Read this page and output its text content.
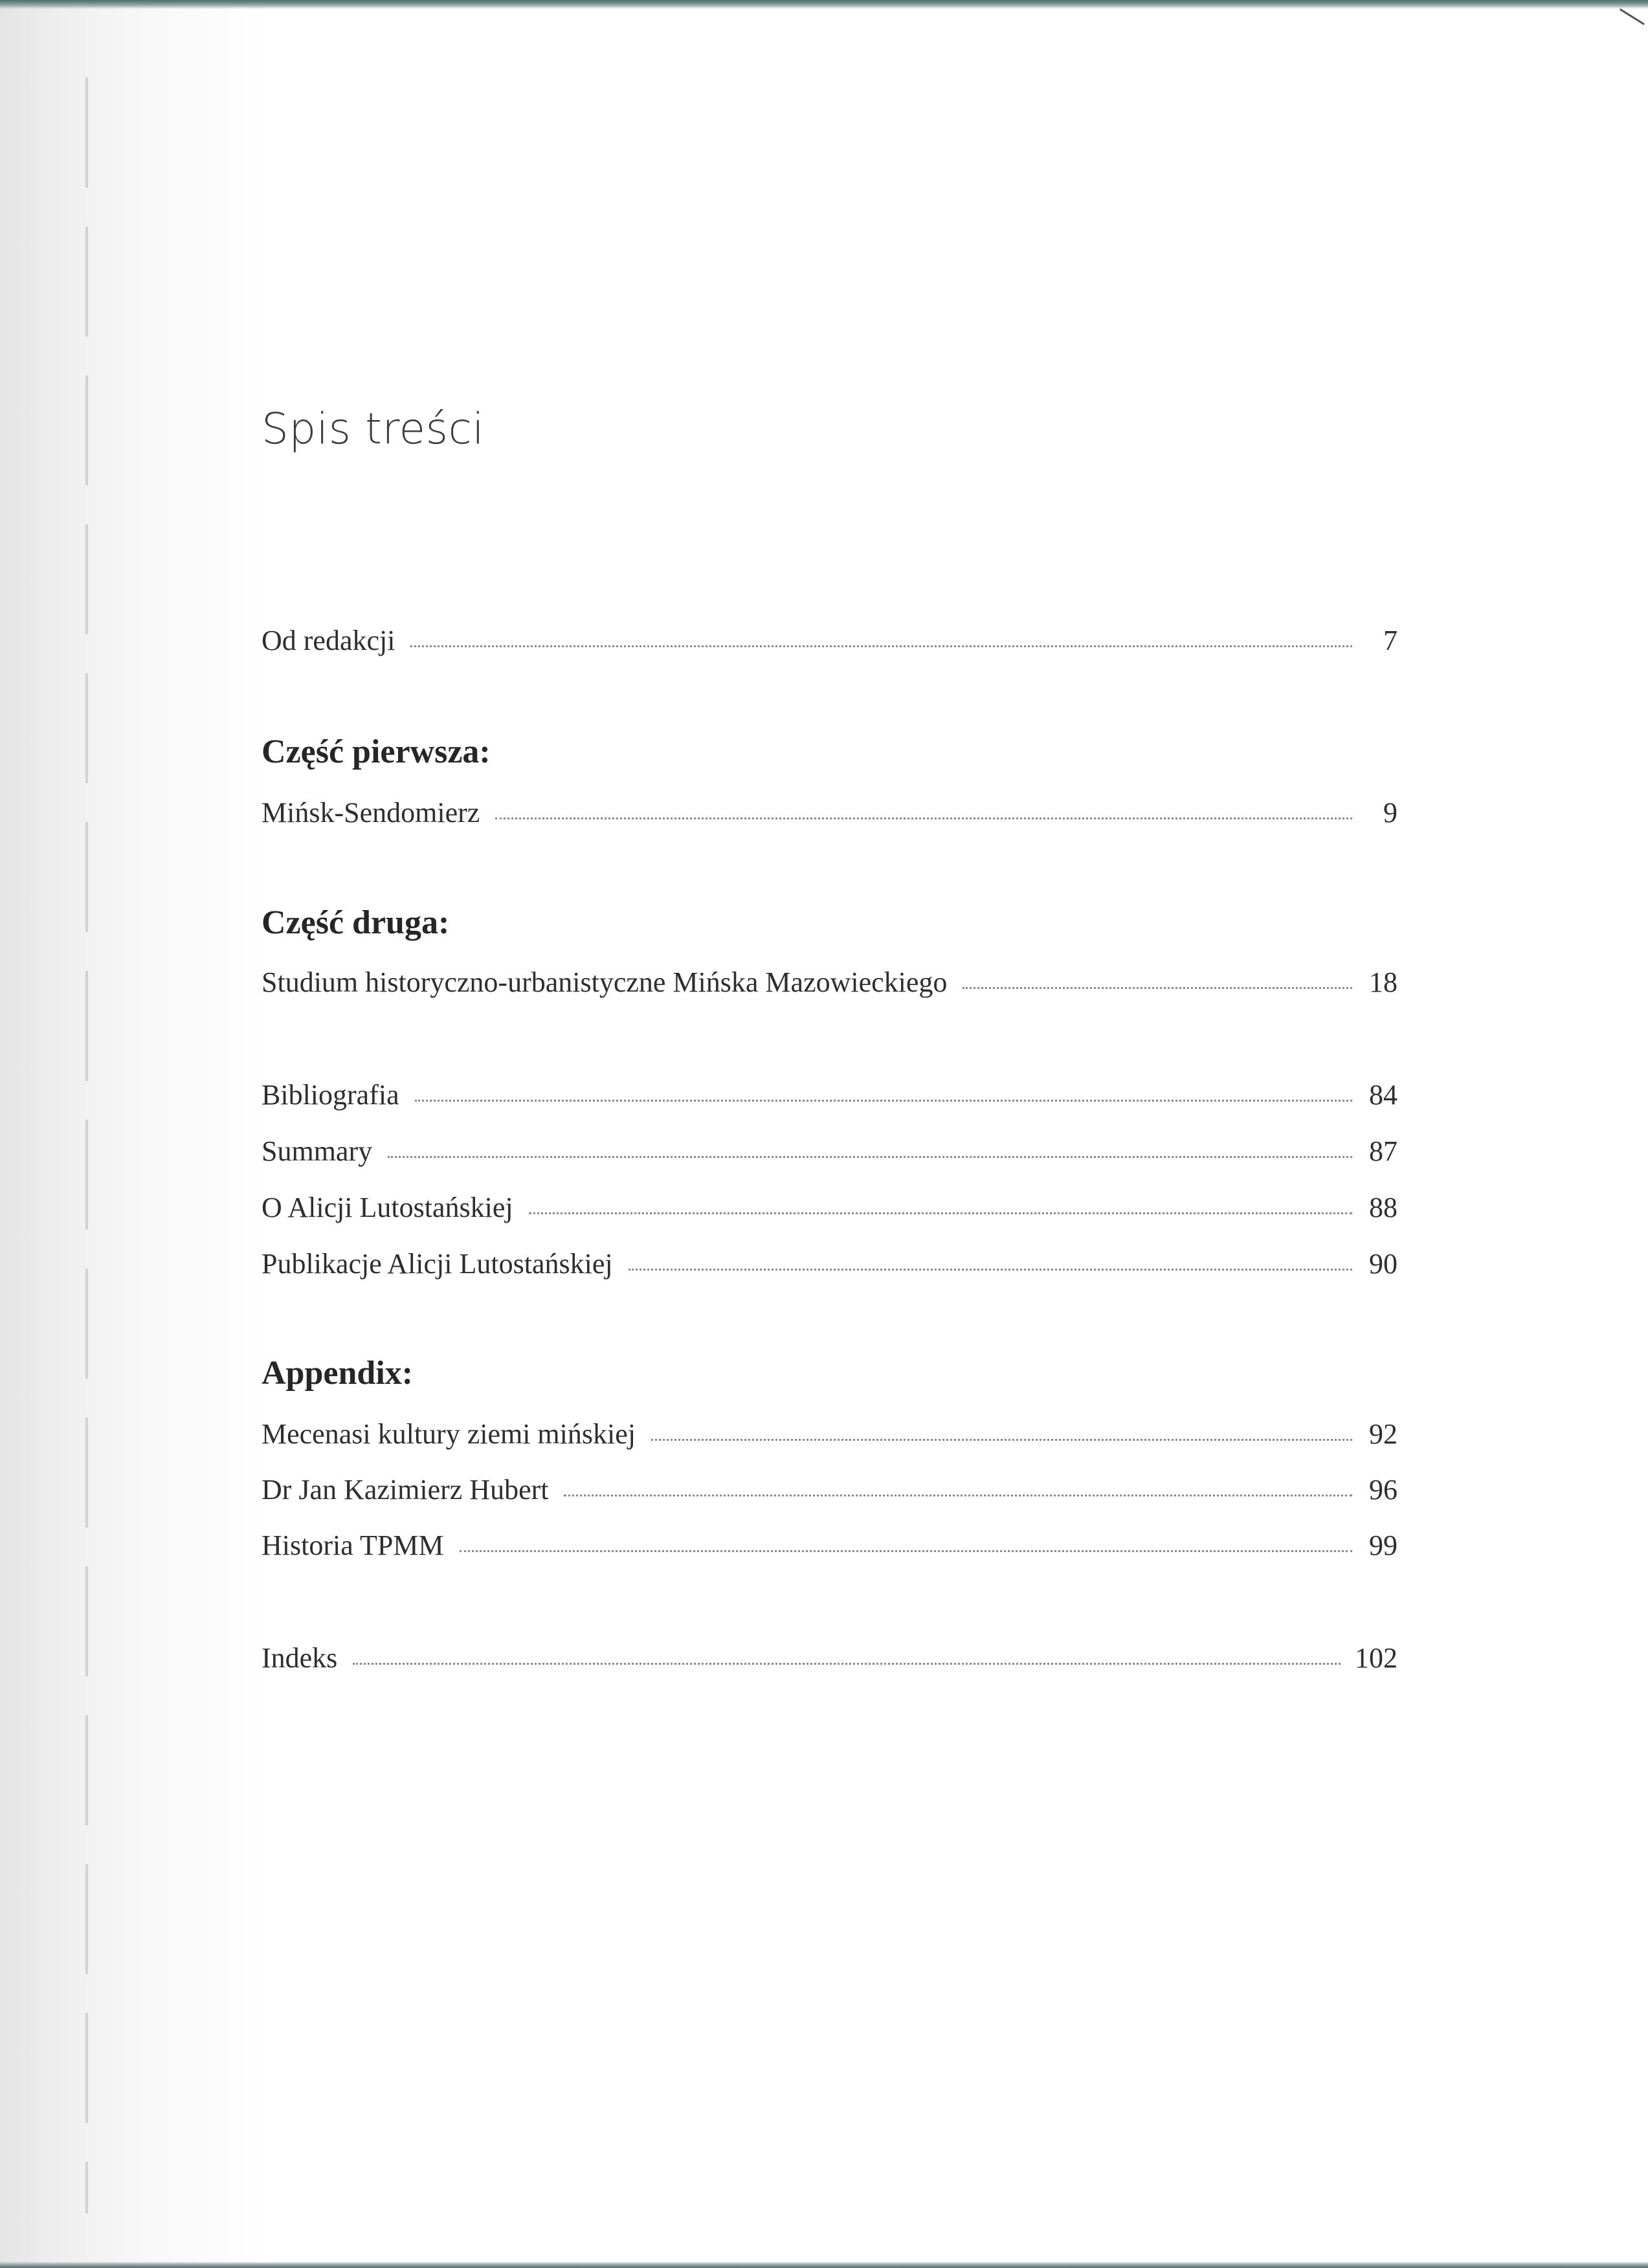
Spis treści
Od redakcji	7
Część pierwsza:
Mińsk-Sendomierz	9
Część druga:
Studium historyczno-urbanistyczne Mińska Mazowieckiego	18
Bibliografia	84
Summary	87
O Alicji Lutostańskiej	88
Publikacje Alicji Lutostańskiej	90
Appendix:
Mecenasi kultury ziemi mińskiej	92
Dr Jan Kazimierz Hubert	96
Historia TPMM	99
Indeks	102
